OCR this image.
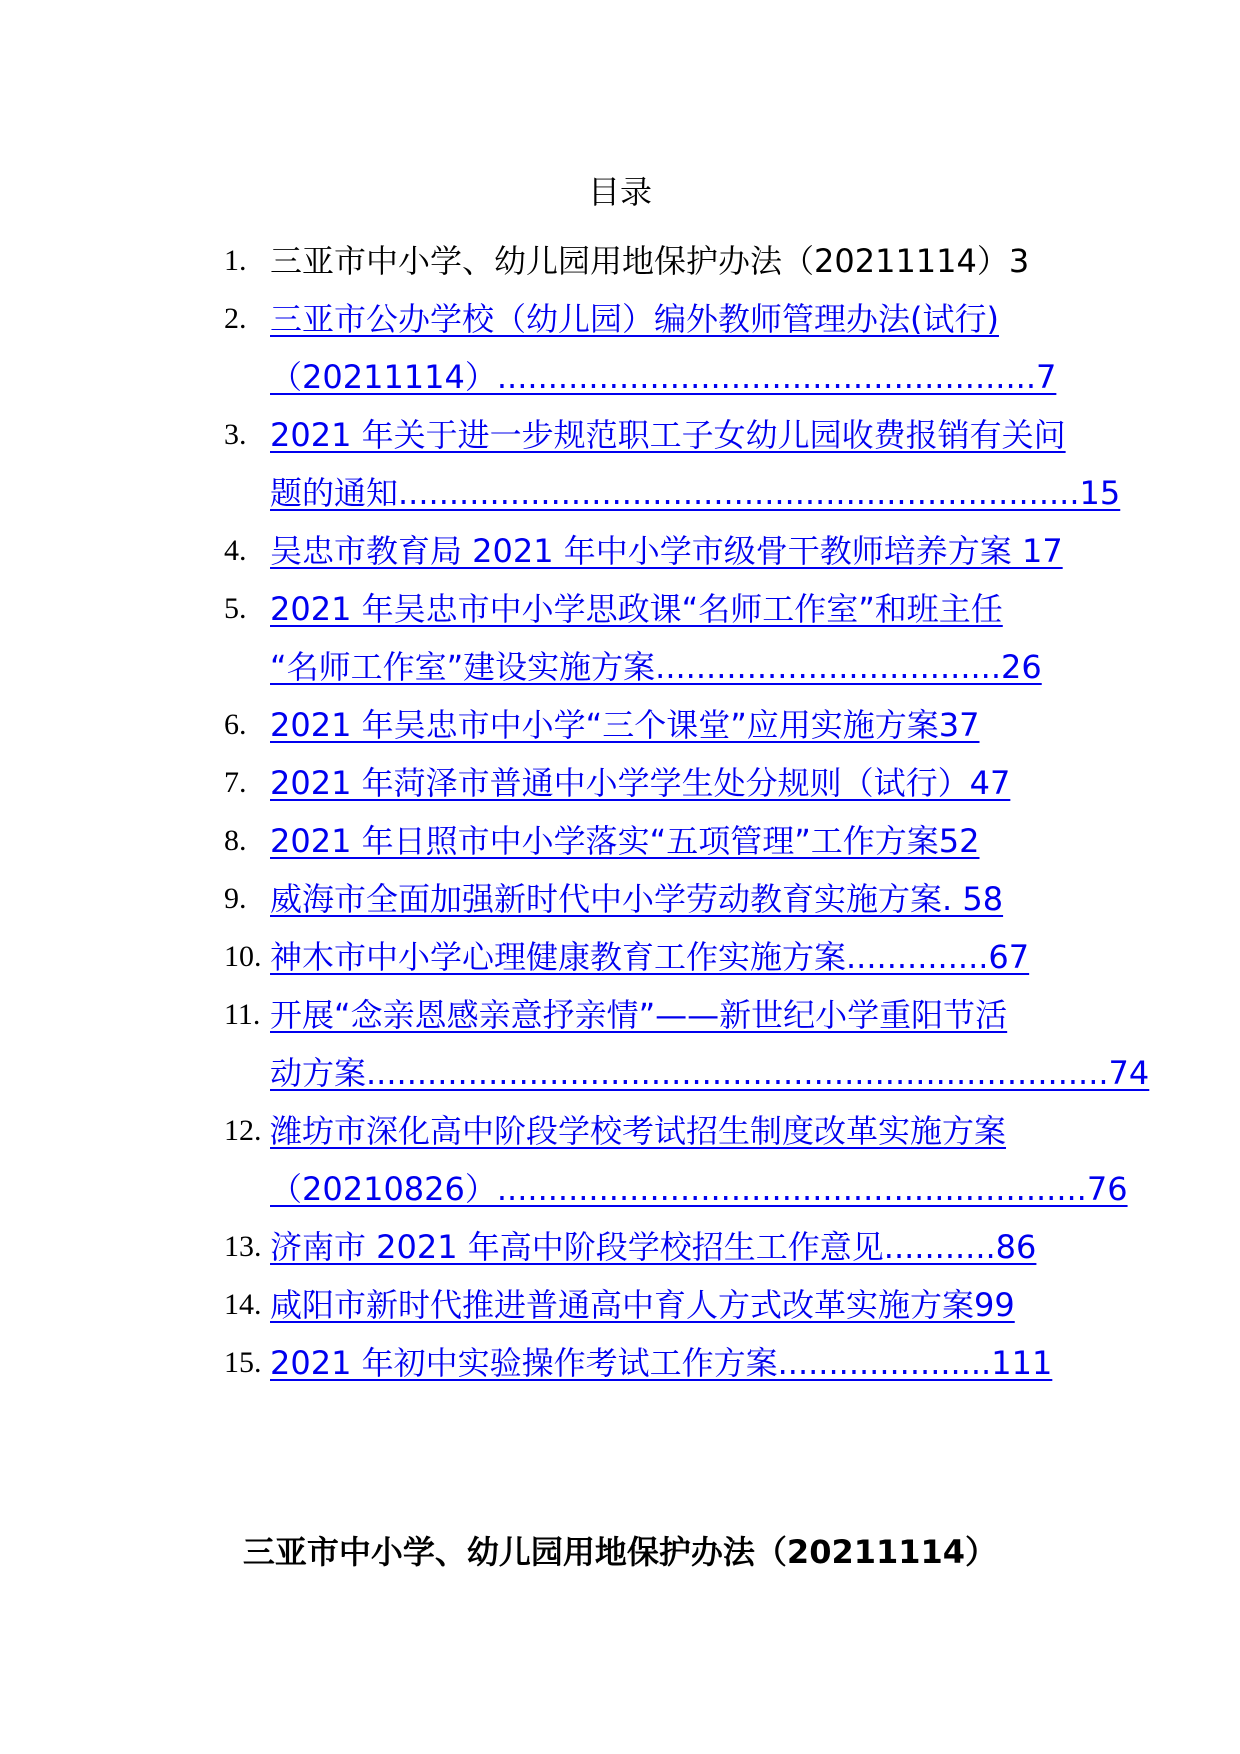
目录
1. 三亚市中小学、幼儿园用地保护办法（20211114）3
2. 三亚市公办学校（幼儿园）编外教师管理办法(试行)
（20211114）.....................................................7
3. 2021 年关于进一步规范职工子女幼儿园收费报销有关问
题的通知...................................................................15
4. 吴忠市教育局 2021 年中小学市级骨干教师培养方案 17
5. 2021 年吴忠市中小学思政课“名师工作室”和班主任
“名师工作室”建设实施方案..................................26
6. 2021 年吴忠市中小学“三个课堂”应用实施方案37
7. 2021 年菏泽市普通中小学学生处分规则（试行）47
8. 2021 年日照市中小学落实“五项管理”工作方案52
9. 威海市全面加强新时代中小学劳动教育实施方案. 58
10. 神木市中小学心理健康教育工作实施方案..............67
11. 开展“念亲恩感亲意抒亲情”——新世纪小学重阳节活
动方案.........................................................................74
12. 潍坊市深化高中阶段学校考试招生制度改革实施方案
（20210826）..........................................................76
13. 济南市 2021 年高中阶段学校招生工作意见...........86
14. 咸阳市新时代推进普通高中育人方式改革实施方案99
15. 2021 年初中实验操作考试工作方案.....................111
三亚市中小学、幼儿园用地保护办法（20211114）
